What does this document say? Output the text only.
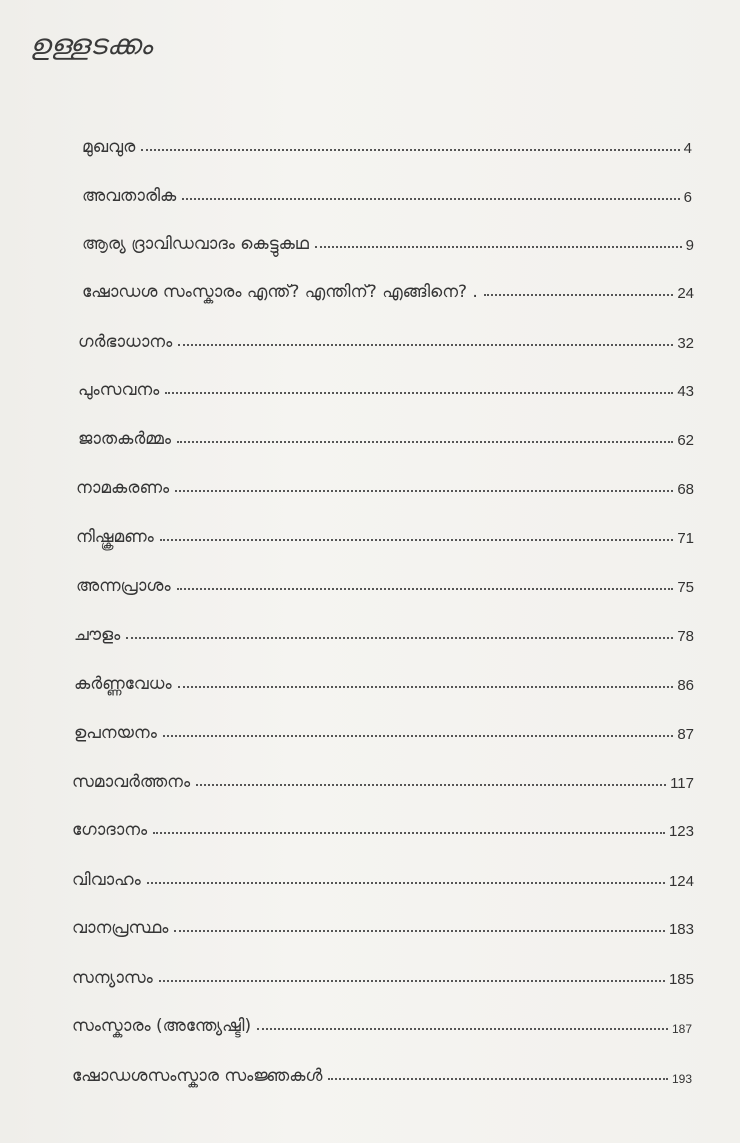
ഉള്ളടക്കം
മുഖവുര	4
അവതാരിക	6
ആര്യ ദ്രാവിഡവാദം കെട്ടുകഥ	9
ഷോഡശ സംസ്കാരം എന്ത്? എന്തിന്? എങ്ങിനെ? .	24
ഗർഭാധാനം	32
പുംസവനം	43
ജാതകർമ്മം	62
നാമകരണം	68
നിഷ്ക്രമണം	71
അന്നപ്രാശം	75
ചൗളം	78
കർണ്ണവേധം	86
ഉപനയനം	87
സമാവർത്തനം	117
ഗോദാനം	123
വിവാഹം	124
വാനപ്രസ്ഥം	183
സന്യാസം	185
സംസ്കാരം (അന്ത്യേഷ്ടി)	187
ഷോഡശസംസ്കാര സംജ്ഞകൾ	193
